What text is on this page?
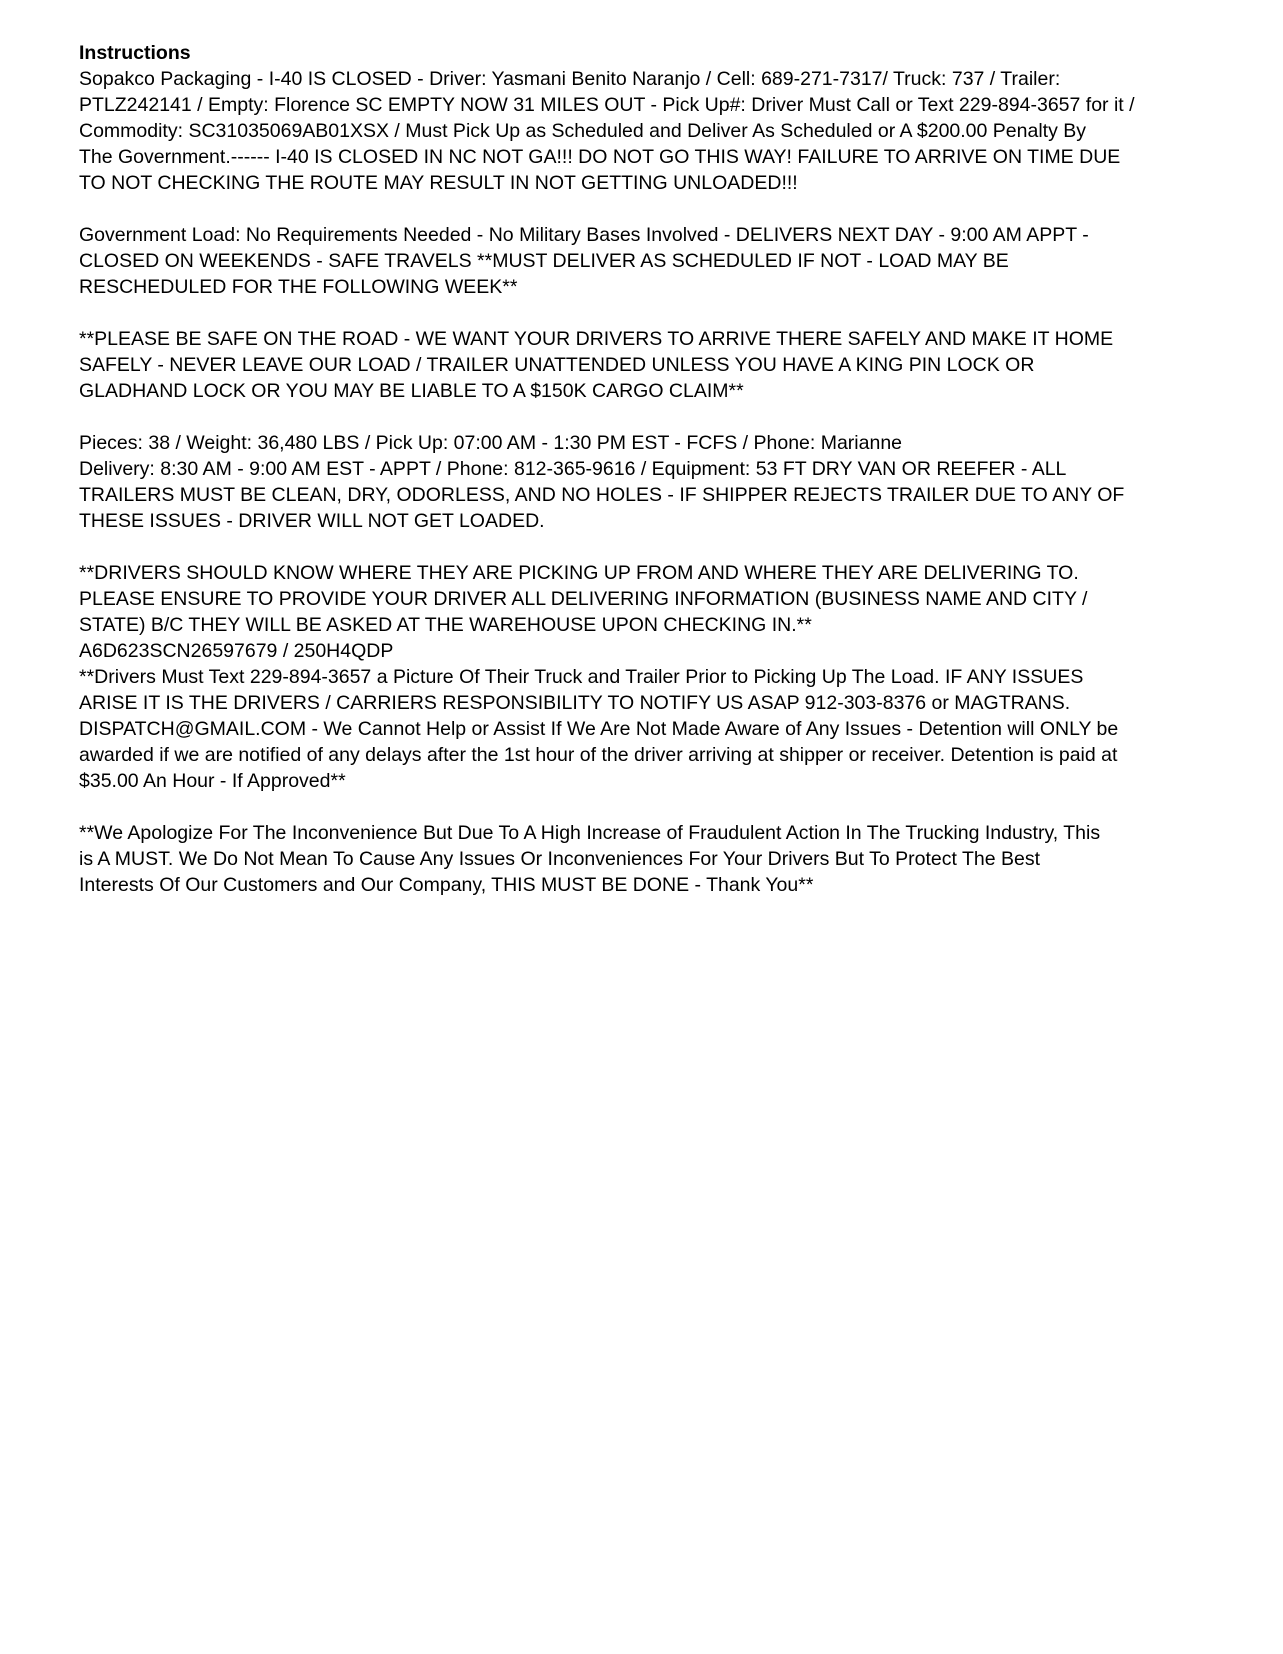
Instructions
Sopakco Packaging - I-40 IS CLOSED - Driver: Yasmani Benito Naranjo / Cell: 689-271-7317/ Truck: 737 / Trailer:
PTLZ242141 / Empty: Florence SC EMPTY NOW 31 MILES OUT - Pick Up#: Driver Must Call or Text 229-894-3657 for it /
Commodity: SC31035069AB01XSX / Must Pick Up as Scheduled and Deliver As Scheduled or A $200.00 Penalty By
The Government.------ I-40 IS CLOSED IN NC NOT GA!!! DO NOT GO THIS WAY! FAILURE TO ARRIVE ON TIME DUE
TO NOT CHECKING THE ROUTE MAY RESULT IN NOT GETTING UNLOADED!!!
Government Load: No Requirements Needed - No Military Bases Involved - DELIVERS NEXT DAY - 9:00 AM APPT -
CLOSED ON WEEKENDS - SAFE TRAVELS **MUST DELIVER AS SCHEDULED IF NOT - LOAD MAY BE
RESCHEDULED FOR THE FOLLOWING WEEK**
**PLEASE BE SAFE ON THE ROAD - WE WANT YOUR DRIVERS TO ARRIVE THERE SAFELY AND MAKE IT HOME
SAFELY - NEVER LEAVE OUR LOAD / TRAILER UNATTENDED UNLESS YOU HAVE A KING PIN LOCK OR
GLADHAND LOCK OR YOU MAY BE LIABLE TO A $150K CARGO CLAIM**
Pieces: 38 / Weight: 36,480 LBS / Pick Up: 07:00 AM - 1:30 PM EST - FCFS / Phone: Marianne
Delivery: 8:30 AM - 9:00 AM EST - APPT / Phone: 812-365-9616 / Equipment: 53 FT DRY VAN OR REEFER - ALL
TRAILERS MUST BE CLEAN, DRY, ODORLESS, AND NO HOLES - IF SHIPPER REJECTS TRAILER DUE TO ANY OF
THESE ISSUES - DRIVER WILL NOT GET LOADED.
**DRIVERS SHOULD KNOW WHERE THEY ARE PICKING UP FROM AND WHERE THEY ARE DELIVERING TO.
PLEASE ENSURE TO PROVIDE YOUR DRIVER ALL DELIVERING INFORMATION (BUSINESS NAME AND CITY /
STATE) B/C THEY WILL BE ASKED AT THE WAREHOUSE UPON CHECKING IN.**
A6D623SCN26597679 / 250H4QDP
**Drivers Must Text 229-894-3657 a Picture Of Their Truck and Trailer Prior to Picking Up The Load. IF ANY ISSUES
ARISE IT IS THE DRIVERS / CARRIERS RESPONSIBILITY TO NOTIFY US ASAP 912-303-8376 or MAGTRANS.
DISPATCH@GMAIL.COM - We Cannot Help or Assist If We Are Not Made Aware of Any Issues - Detention will ONLY be
awarded if we are notified of any delays after the 1st hour of the driver arriving at shipper or receiver. Detention is paid at
$35.00 An Hour - If Approved**
**We Apologize For The Inconvenience But Due To A High Increase of Fraudulent Action In The Trucking Industry, This
is A MUST. We Do Not Mean To Cause Any Issues Or Inconveniences For Your Drivers But To Protect The Best
Interests Of Our Customers and Our Company, THIS MUST BE DONE - Thank You**
